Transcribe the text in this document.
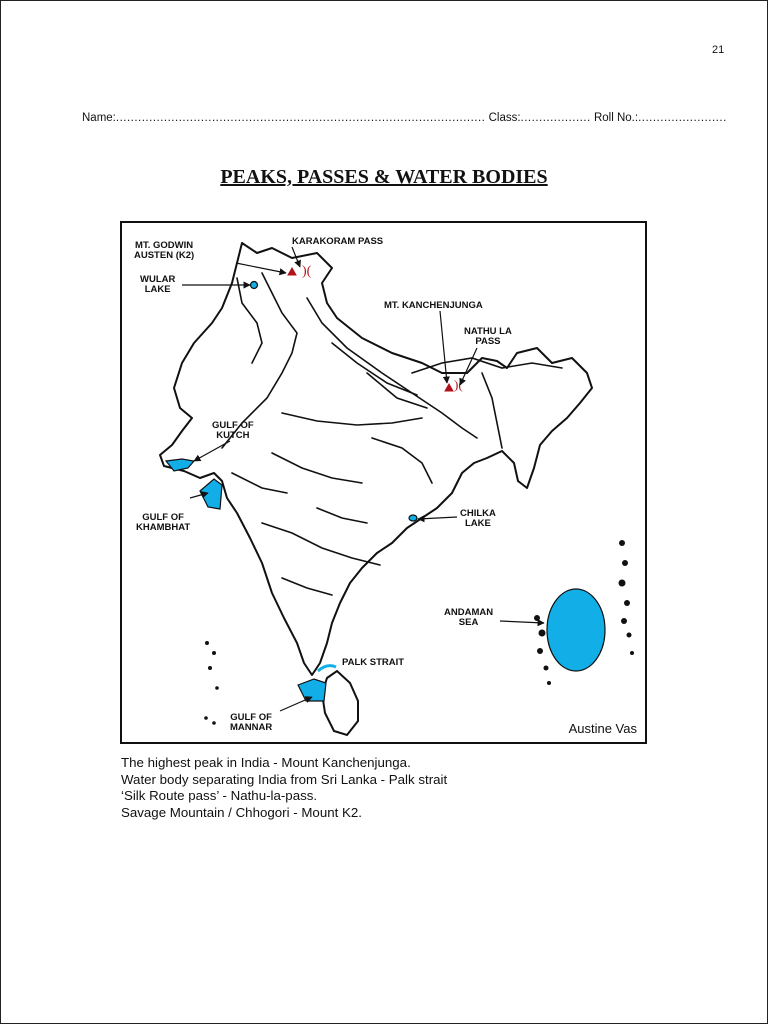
21
Name:.................................................................................................... Class:................... Roll No.:........................
PEAKS, PASSES & WATER BODIES
)(
)(
MT. GODWIN
AUSTEN (K2)
KARAKORAM PASS
WULAR
LAKE
MT. KANCHENJUNGA
NATHU LA
PASS
GULF OF
KUTCH
GULF OF
KHAMBHAT
CHILKA
LAKE
ANDAMAN
SEA
PALK STRAIT
GULF OF
MANNAR	Austine Vas
The highest peak in India - Mount Kanchenjunga.
Water body separating India from Sri Lanka - Palk strait
‘Silk Route pass’ - Nathu-la-pass.
Savage Mountain / Chhogori - Mount K2.
